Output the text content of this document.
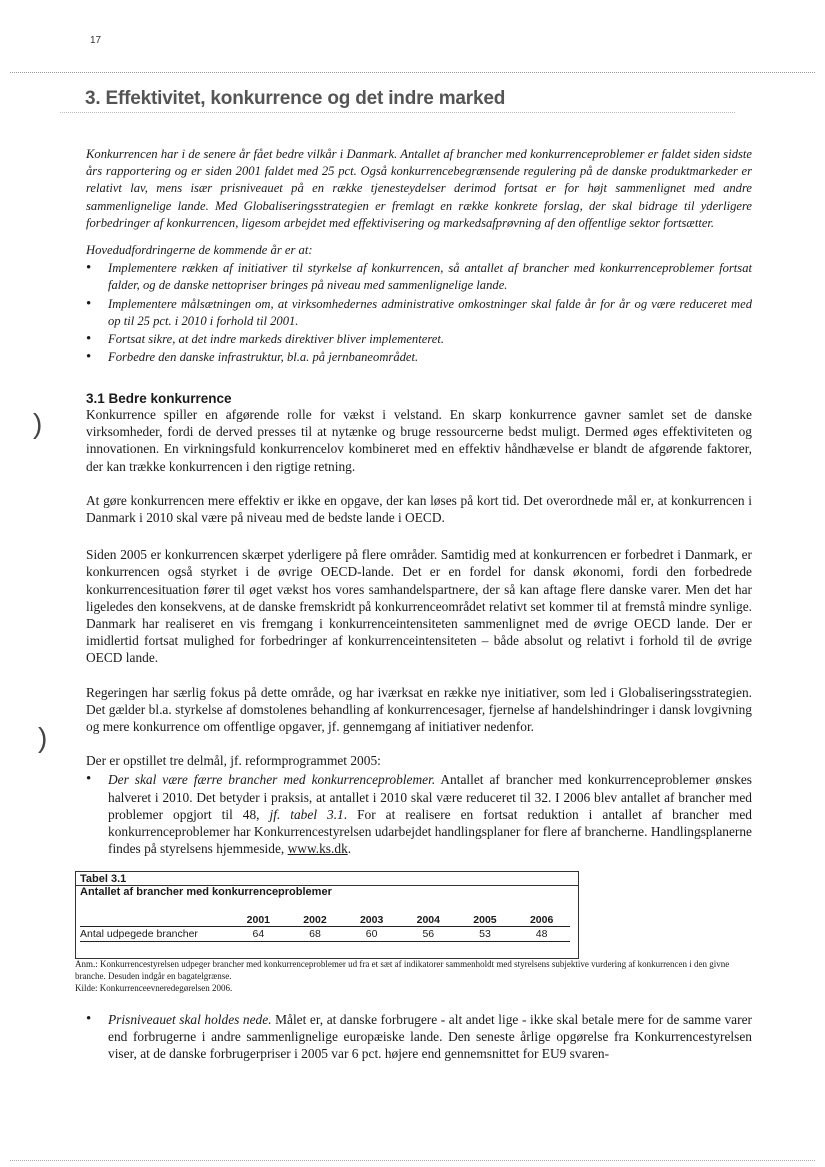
17
3. Effektivitet, konkurrence og det indre marked
Konkurrencen har i de senere år fået bedre vilkår i Danmark. Antallet af brancher med konkurrenceproblemer er faldet siden sidste års rapportering og er siden 2001 faldet med 25 pct. Også konkurrencebegrænsende regulering på de danske produktmarkeder er relativt lav, mens især prisniveauet på en række tjenesteydelser derimod fortsat er for højt sammenlignet med andre sammenlignelige lande. Med Globaliseringsstrategien er fremlagt en række konkrete forslag, der skal bidrage til yderligere forbedringer af konkurrencen, ligesom arbejdet med effektivisering og markedsafprøvning af den offentlige sektor fortsætter.
Hovedudfordringerne de kommende år er at:
• Implementere rækken af initiativer til styrkelse af konkurrencen, så antallet af brancher med konkurrenceproblemer fortsat falder, og de danske nettopriser bringes på niveau med sammenlignelige lande.
• Implementere målsætningen om, at virksomhedernes administrative omkostninger skal falde år for år og være reduceret med op til 25 pct. i 2010 i forhold til 2001.
• Fortsat sikre, at det indre markeds direktiver bliver implementeret.
• Forbedre den danske infrastruktur, bl.a. på jernbaneområdet.
3.1 Bedre konkurrence

Konkurrence spiller en afgørende rolle for vækst i velstand. En skarp konkurrence gavner samlet set de danske virksomheder, fordi de derved presses til at nytænke og bruge ressourcerne bedst muligt. Dermed øges effektiviteten og innovationen. En virkningsfuld konkurrencelov kombineret med en effektiv håndhævelse er blandt de afgørende faktorer, der kan trække konkurrencen i den rigtige retning.

At gøre konkurrencen mere effektiv er ikke en opgave, der kan løses på kort tid. Det overordnede mål er, at konkurrencen i Danmark i 2010 skal være på niveau med de bedste lande i OECD.

Siden 2005 er konkurrencen skærpet yderligere på flere områder. Samtidig med at konkurrencen er forbedret i Danmark, er konkurrencen også styrket i de øvrige OECD-lande. Det er en fordel for dansk økonomi, fordi den forbedrede konkurrencesituation fører til øget vækst hos vores samhandelspartnere, der så kan aftage flere danske varer. Men det har ligeledes den konsekvens, at de danske fremskridt på konkurrenceområdet relativt set kommer til at fremstå mindre synlige. Danmark har realiseret en vis fremgang i konkurrenceintensiteten sammenlignet med de øvrige OECD lande. Der er imidlertid fortsat mulighed for forbedringer af konkurrenceintensiteten – både absolut og relativt i forhold til de øvrige OECD lande.

Regeringen har særlig fokus på dette område, og har iværksat en række nye initiativer, som led i Globaliseringsstrategien. Det gælder bl.a. styrkelse af domstolenes behandling af konkurrencesager, fjernelse af handelshindringer i dansk lovgivning og mere konkurrence om offentlige opgaver, jf. gennemgang af initiativer nedenfor.

Der er opstillet tre delmål, jf. reformprogrammet 2005:

• Der skal være færre brancher med konkurrenceproblemer. Antallet af brancher med konkurrenceproblemer ønskes halveret i 2010. Det betyder i praksis, at antallet i 2010 skal være reduceret til 32. I 2006 blev antallet af brancher med problemer opgjort til 48, jf. tabel 3.1. For at realisere en fortsat reduktion i antallet af brancher med konkurrenceproblemer har Konkurrencestyrelsen udarbejdet handlingsplaner for flere af brancherne. Handlingsplanerne findes på styrelsens hjemmeside, www.ks.dk.
Tabel 3.1
Antallet af brancher med konkurrenceproblemer
	2001	2002	2003	2004	2005	2006
Antal udpegede brancher	64	68	60	56	53	48
Anm.: Konkurrencestyrelsen udpeger brancher med konkurrenceproblemer ud fra et sæt af indikatorer sammenholdt med styrelsens subjektive vurdering af konkurrencen i den givne branche. Desuden indgår en bagatelgrænse.
Kilde: Konkurrenceevneredegørelsen 2006.
• Prisniveauet skal holdes nede. Målet er, at danske forbrugere - alt andet lige - ikke skal betale mere for de samme varer end forbrugerne i andre sammenlignelige europæiske lande. Den seneste årlige opgørelse fra Konkurrencestyrelsen viser, at de danske forbrugerpriser i 2005 var 6 pct. højere end gennemsnittet for EU9 svaren-
)
)
